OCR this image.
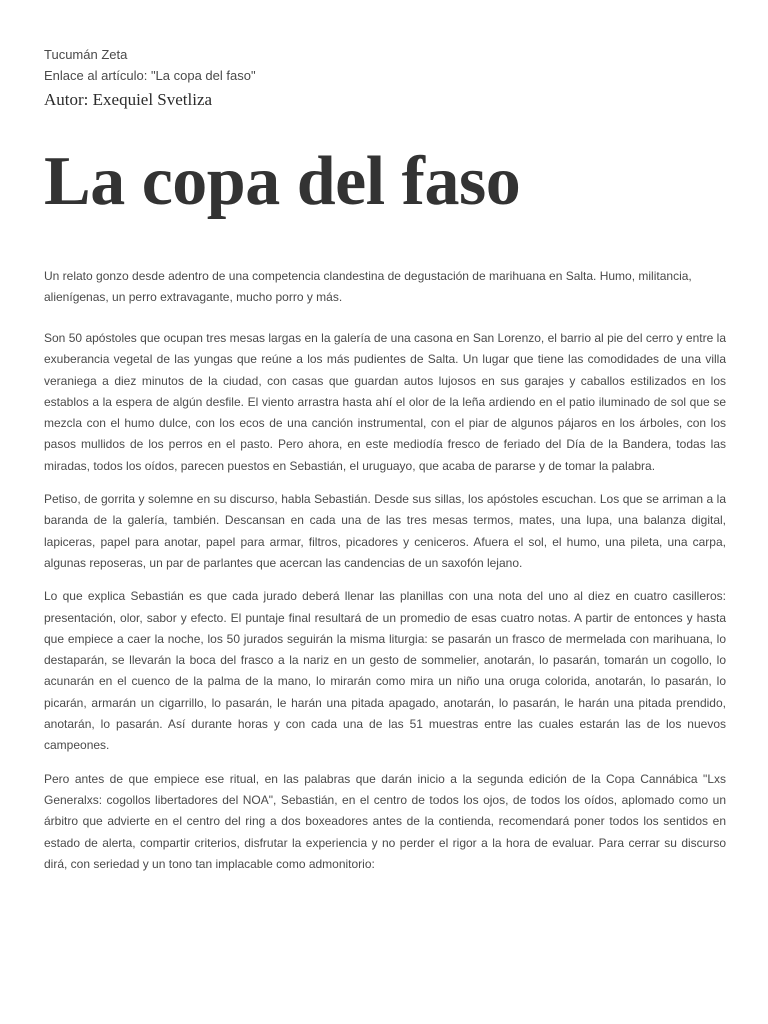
Tucumán Zeta

Enlace al artículo: "La copa del faso"

Autor: Exequiel Svetliza

La copa del faso

Un relato gonzo desde adentro de una competencia clandestina de degustación de marihuana en Salta. Humo, militancia, alienígenas, un perro extravagante, mucho porro y más.

Son 50 apóstoles que ocupan tres mesas largas en la galería de una casona en San Lorenzo, el barrio al pie del cerro y entre la exuberancia vegetal de las yungas que reúne a los más pudientes de Salta. Un lugar que tiene las comodidades de una villa veraniega a diez minutos de la ciudad, con casas que guardan autos lujosos en sus garajes y caballos estilizados en los establos a la espera de algún desfile. El viento arrastra hasta ahí el olor de la leña ardiendo en el patio iluminado de sol que se mezcla con el humo dulce, con los ecos de una canción instrumental, con el piar de algunos pájaros en los árboles, con los pasos mullidos de los perros en el pasto. Pero ahora, en este mediodía fresco de feriado del Día de la Bandera, todas las miradas, todos los oídos, parecen puestos en Sebastián, el uruguayo, que acaba de pararse y de tomar la palabra.

Petiso, de gorrita y solemne en su discurso, habla Sebastián. Desde sus sillas, los apóstoles escuchan. Los que se arriman a la baranda de la galería, también. Descansan en cada una de las tres mesas termos, mates, una lupa, una balanza digital, lapiceras, papel para anotar, papel para armar, filtros, picadores y ceniceros. Afuera el sol, el humo, una pileta, una carpa, algunas reposeras, un par de parlantes que acercan las candencias de un saxofón lejano.

Lo que explica Sebastián es que cada jurado deberá llenar las planillas con una nota del uno al diez en cuatro casilleros: presentación, olor, sabor y efecto. El puntaje final resultará de un promedio de esas cuatro notas. A partir de entonces y hasta que empiece a caer la noche, los 50 jurados seguirán la misma liturgia: se pasarán un frasco de mermelada con marihuana, lo destaparán, se llevarán la boca del frasco a la nariz en un gesto de sommelier, anotarán, lo pasarán, tomarán un cogollo, lo acunarán en el cuenco de la palma de la mano, lo mirarán como mira un niño una oruga colorida, anotarán, lo pasarán, lo picarán, armarán un cigarrillo, lo pasarán, le harán una pitada apagado, anotarán, lo pasarán, le harán una pitada prendido, anotarán, lo pasarán. Así durante horas y con cada una de las 51 muestras entre las cuales estarán las de los nuevos campeones.

Pero antes de que empiece ese ritual, en las palabras que darán inicio a la segunda edición de la Copa Cannábica "Lxs Generalxs: cogollos libertadores del NOA", Sebastián, en el centro de todos los ojos, de todos los oídos, aplomado como un árbitro que advierte en el centro del ring a dos boxeadores antes de la contienda, recomendará poner todos los sentidos en estado de alerta, compartir criterios, disfrutar la experiencia y no perder el rigor a la hora de evaluar. Para cerrar su discurso dirá, con seriedad y un tono tan implacable como admonitorio:
